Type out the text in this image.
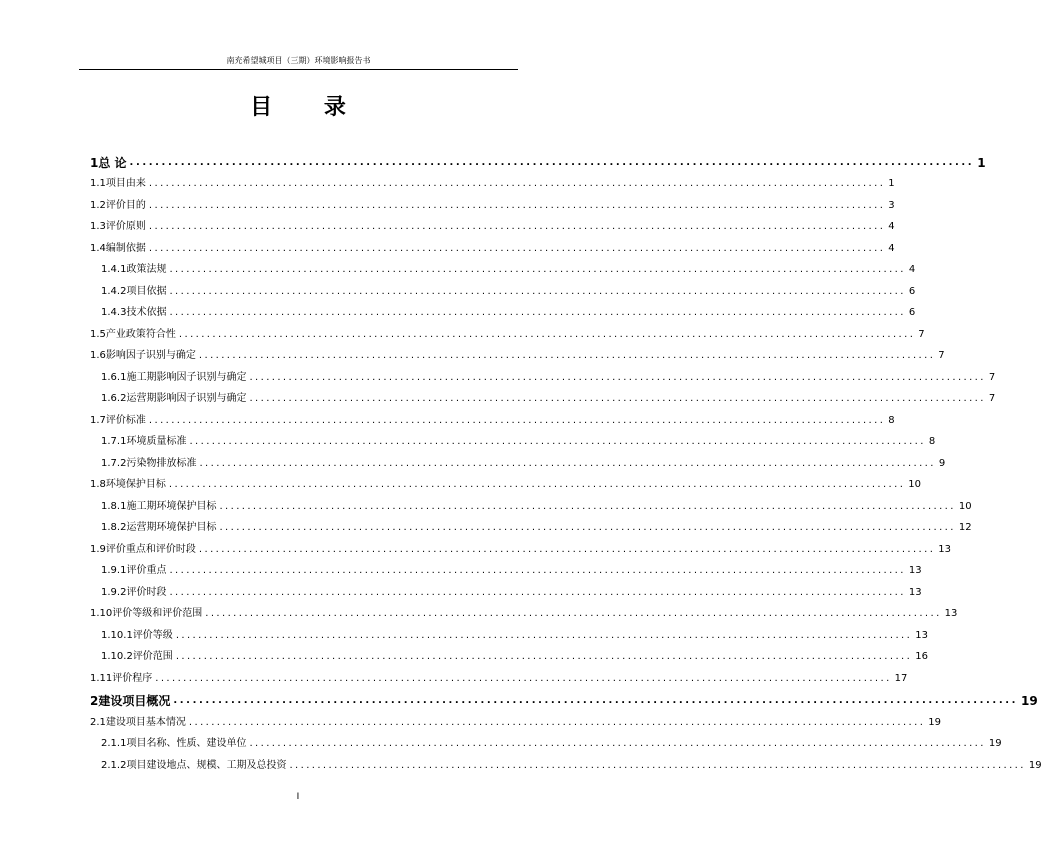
南充希望城项目（三期）环境影响报告书
目 录
1 总 论 .................................................................................................................................... 1
1.1 项目由来 .................................................................................................................................... 1
1.2 评价目的 .................................................................................................................................... 3
1.3 评价原则 .................................................................................................................................... 4
1.4 编制依据 .................................................................................................................................... 4
1.4.1 政策法规 .................................................................................................................................... 4
1.4.2 项目依据 .................................................................................................................................... 6
1.4.3 技术依据 .................................................................................................................................... 6
1.5 产业政策符合性 .................................................................................................................................... 7
1.6 影响因子识别与确定 .................................................................................................................................... 7
1.6.1 施工期影响因子识别与确定 .................................................................................................................................... 7
1.6.2 运营期影响因子识别与确定 .................................................................................................................................... 7
1.7 评价标准 .................................................................................................................................... 8
1.7.1 环境质量标准 .................................................................................................................................... 8
1.7.2 污染物排放标准 .................................................................................................................................... 9
1.8 环境保护目标 .................................................................................................................................... 10
1.8.1 施工期环境保护目标 .................................................................................................................................... 10
1.8.2 运营期环境保护目标 .................................................................................................................................... 12
1.9 评价重点和评价时段 .................................................................................................................................... 13
1.9.1 评价重点 .................................................................................................................................... 13
1.9.2 评价时段 .................................................................................................................................... 13
1.10 评价等级和评价范围 .................................................................................................................................... 13
1.10.1 评价等级 .................................................................................................................................... 13
1.10.2 评价范围 .................................................................................................................................... 16
1.11 评价程序 .................................................................................................................................... 17
2 建设项目概况 .................................................................................................................................... 19
2.1 建设项目基本情况 .................................................................................................................................... 19
2.1.1 项目名称、性质、建设单位 .................................................................................................................................... 19
2.1.2 项目建设地点、规模、工期及总投资 .................................................................................................................................... 19
I
